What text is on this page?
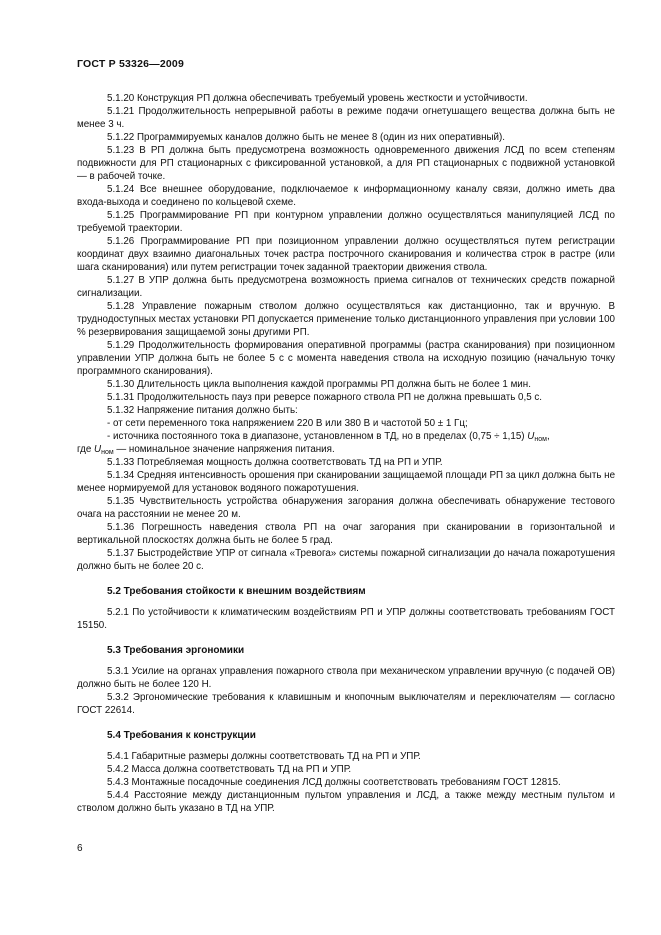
ГОСТ Р 53326—2009

5.1.20 Конструкция РП должна обеспечивать требуемый уровень жесткости и устойчивости.

5.1.21 Продолжительность непрерывной работы в режиме подачи огнетушащего вещества должна быть не менее 3 ч.

5.1.22 Программируемых каналов должно быть не менее 8 (один из них оперативный).

5.1.23 В РП должна быть предусмотрена возможность одновременного движения ЛСД по всем степеням подвижности для РП стационарных с фиксированной установкой, а для РП стационарных с подвижной установкой — в рабочей точке.

5.1.24 Все внешнее оборудование, подключаемое к информационному каналу связи, должно иметь два входа-выхода и соединено по кольцевой схеме.

5.1.25 Программирование РП при контурном управлении должно осуществляться манипуляцией ЛСД по требуемой траектории.

5.1.26 Программирование РП при позиционном управлении должно осуществляться путем регистрации координат двух взаимно диагональных точек растра построчного сканирования и количества строк в растре (или шага сканирования) или путем регистрации точек заданной траектории движения ствола.

5.1.27 В УПР должна быть предусмотрена возможность приема сигналов от технических средств пожарной сигнализации.

5.1.28 Управление пожарным стволом должно осуществляться как дистанционно, так и вручную. В труднодоступных местах установки РП допускается применение только дистанционного управления при условии 100 % резервирования защищаемой зоны другими РП.

5.1.29 Продолжительность формирования оперативной программы (растра сканирования) при позиционном управлении УПР должна быть не более 5 с с момента наведения ствола на исходную позицию (начальную точку программного сканирования).

5.1.30 Длительность цикла выполнения каждой программы РП должна быть не более 1 мин.

5.1.31 Продолжительность пауз при реверсе пожарного ствола РП не должна превышать 0,5 с.

5.1.32 Напряжение питания должно быть:

- от сети переменного тока напряжением 220 В или 380 В и частотой 50 ± 1 Гц;

- источника постоянного тока в диапазоне, установленном в ТД, но в пределах (0,75 ÷ 1,15) $U_{ном}$,

где $U_{ном}$ — номинальное значение напряжения питания.

5.1.33 Потребляемая мощность должна соответствовать ТД на РП и УПР.

5.1.34 Средняя интенсивность орошения при сканировании защищаемой площади РП за цикл должна быть не менее нормируемой для установок водяного пожаротушения.

5.1.35 Чувствительность устройства обнаружения загорания должна обеспечивать обнаружение тестового очага на расстоянии не менее 20 м.

5.1.36 Погрешность наведения ствола РП на очаг загорания при сканировании в горизонтальной и вертикальной плоскостях должна быть не более 5 град.

5.1.37 Быстродействие УПР от сигнала «Тревога» системы пожарной сигнализации до начала пожаротушения должно быть не более 20 с.

5.2 Требования стойкости к внешним воздействиям

5.2.1 По устойчивости к климатическим воздействиям РП и УПР должны соответствовать требованиям ГОСТ 15150.

5.3 Требования эргономики

5.3.1 Усилие на органах управления пожарного ствола при механическом управлении вручную (с подачей ОВ) должно быть не более 120 Н.

5.3.2 Эргономические требования к клавишным и кнопочным выключателям и переключателям — согласно ГОСТ 22614.

5.4 Требования к конструкции

5.4.1 Габаритные размеры должны соответствовать ТД на РП и УПР.

5.4.2 Масса должна соответствовать ТД на РП и УПР.

5.4.3 Монтажные посадочные соединения ЛСД должны соответствовать требованиям ГОСТ 12815.

5.4.4 Расстояние между дистанционным пультом управления и ЛСД, а также между местным пультом и стволом должно быть указано в ТД на УПР.

6
